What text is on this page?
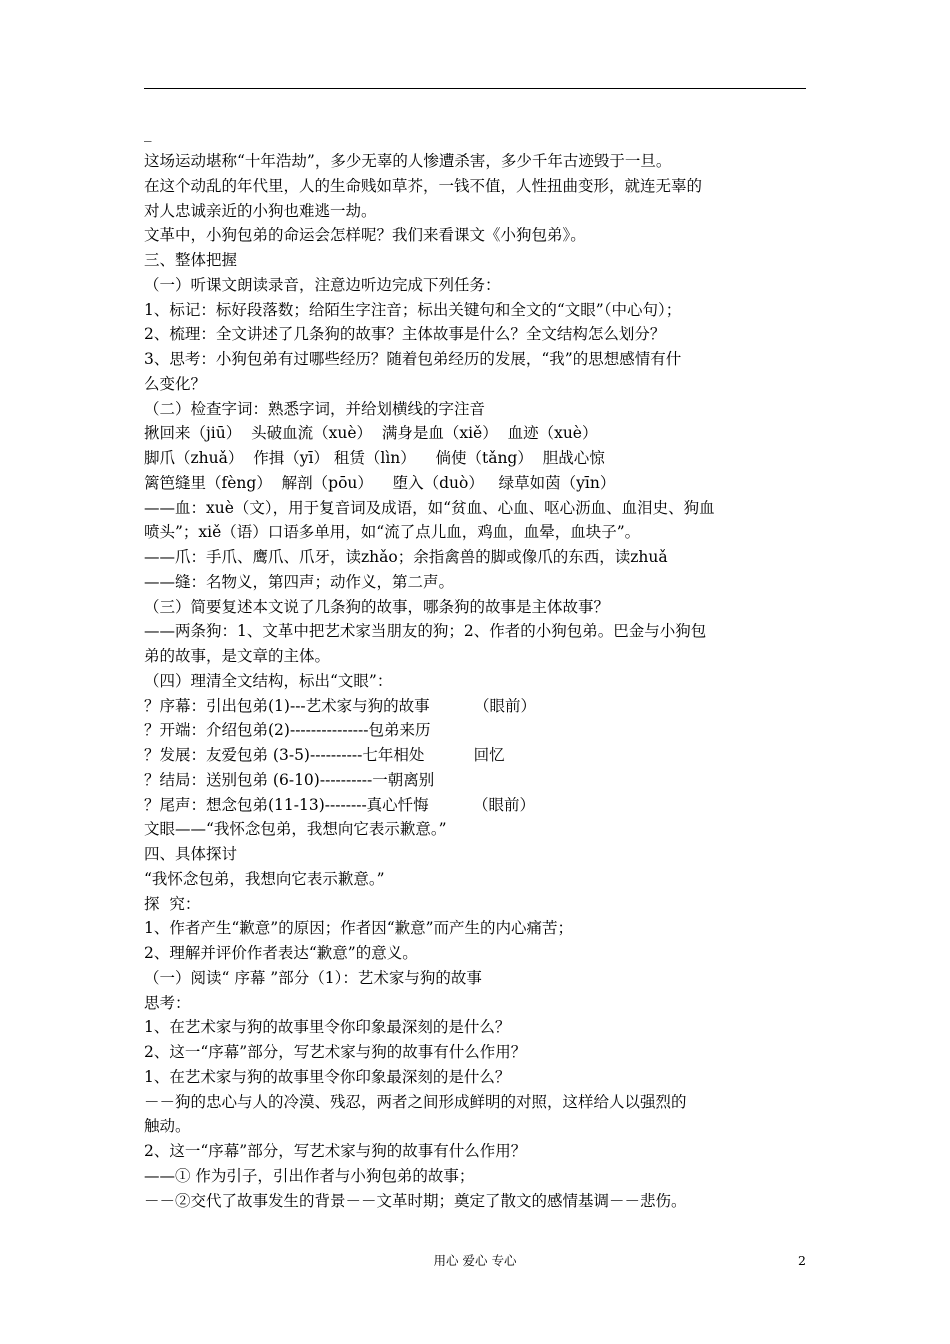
_
这场运动堪称“十年浩劫”，多少无辜的人惨遭杀害，多少千年古迹毁于一旦。
在这个动乱的年代里，人的生命贱如草芥，一钱不值，人性扭曲变形，就连无辜的
对人忠诚亲近的小狗也难逃一劫。
文革中，小狗包弟的命运会怎样呢？我们来看课文《小狗包弟》。
三、整体把握
（一）听课文朗读录音，注意边听边完成下列任务：
1、标记：标好段落数；给陌生字注音；标出关键句和全文的“文眼”（中心句）；
2、梳理：全文讲述了几条狗的故事？主体故事是什么？全文结构怎么划分？
3、思考：小狗包弟有过哪些经历？随着包弟经历的发展，“我”的思想感情有什
么变化？
（二）检查字词：熟悉字词，并给划横线的字注音
揪回来（jiū）  头破血流（xuè）  满身是血（xiě）  血迹（xuè）
脚爪（zhuǎ）  作揖（yī） 租赁（lìn）    倘使（tǎng）  胆战心惊
篱笆缝里（fèng）  解剖（pōu）    堕入（duò）   绿草如茵（yīn）
——血：xuè（文），用于复音词及成语，如“贫血、心血、呕心沥血、血泪史、狗血
喷头”；xiě（语）口语多单用，如“流了点儿血，鸡血，血晕，血块子”。
——爪：手爪、鹰爪、爪牙，读zhǎo；余指禽兽的脚或像爪的东西，读zhuǎ
——缝：名物义，第四声；动作义，第二声。
（三）简要复述本文说了几条狗的故事，哪条狗的故事是主体故事？
——两条狗：1、文革中把艺术家当朋友的狗；2、作者的小狗包弟。巴金与小狗包
弟的故事，是文章的主体。
（四）理清全文结构，标出“文眼”：
？序幕：引出包弟(1)---艺术家与狗的故事         （眼前）
？开端：介绍包弟(2)---------------包弟来历
？发展：友爱包弟 (3-5)----------七年相处          回忆
？结局：送别包弟 (6-10)----------一朝离别
？尾声：想念包弟(11-13)--------真心忏悔         （眼前）
文眼——“我怀念包弟，我想向它表示歉意。”
四、具体探讨
“我怀念包弟，我想向它表示歉意。”
探  究：
1、作者产生“歉意”的原因；作者因“歉意”而产生的内心痛苦；
2、理解并评价作者表达“歉意”的意义。
（一）阅读“ 序幕 ”部分（1）：艺术家与狗的故事
思考：
1、在艺术家与狗的故事里令你印象最深刻的是什么？
2、这一“序幕”部分，写艺术家与狗的故事有什么作用？
1、在艺术家与狗的故事里令你印象最深刻的是什么？
－－狗的忠心与人的冷漠、残忍，两者之间形成鲜明的对照，这样给人以强烈的
触动。
2、这一“序幕”部分，写艺术家与狗的故事有什么作用？
——① 作为引子，引出作者与小狗包弟的故事；
－－②交代了故事发生的背景－－文革时期；奠定了散文的感情基调－－悲伤。
用心 爱心 专心	2
